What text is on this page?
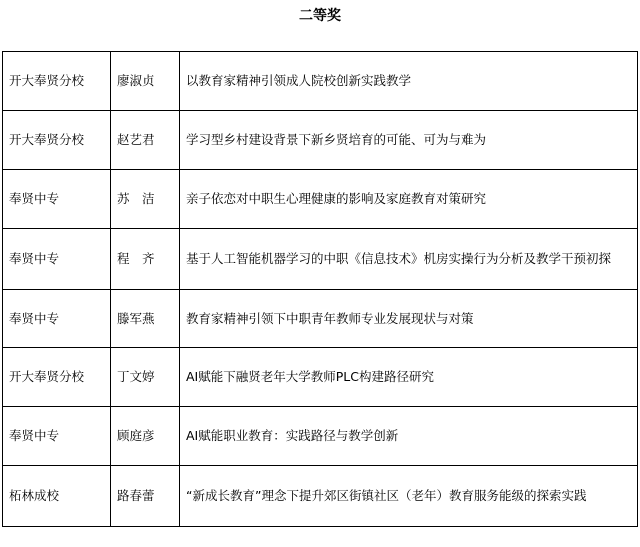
二等奖
开大奉贤分校	廖淑贞	以教育家精神引领成人院校创新实践教学
开大奉贤分校	赵艺君	学习型乡村建设背景下新乡贤培育的可能、可为与难为
奉贤中专	苏　洁	亲子依恋对中职生心理健康的影响及家庭教育对策研究
奉贤中专	程　齐	基于人工智能机器学习的中职《信息技术》机房实操行为分析及教学干预初探
奉贤中专	滕军燕	教育家精神引领下中职青年教师专业发展现状与对策
开大奉贤分校	丁文婷	AI赋能下融贤老年大学教师PLC构建路径研究
奉贤中专	顾庭彦	AI赋能职业教育：实践路径与教学创新
柘林成校	路春蕾	“新成长教育”理念下提升郊区街镇社区（老年）教育服务能级的探索实践
